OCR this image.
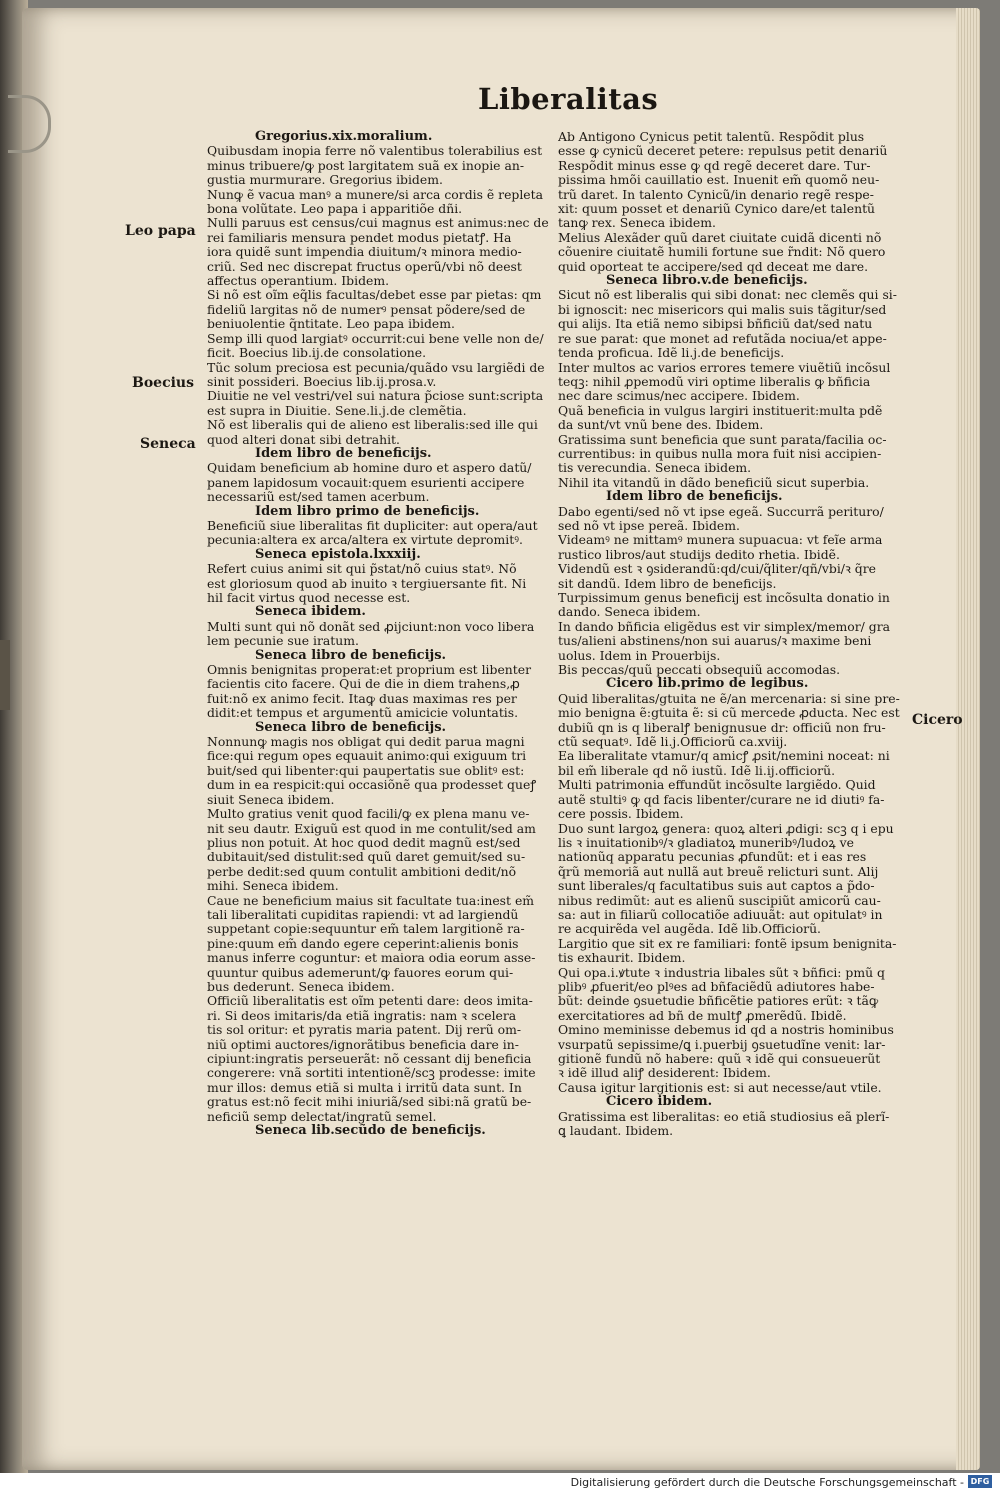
Liberalitas
Leo papa
Boecius
Seneca
Cicero
Gregorius.xix.moralium.
Quibusdam inopia ferre nõ valentibus tolerabilius est
minus tribuere/ꝙ post largitatem suã ex inopie an-
gustia murmurare. Gregorius ibidem.
Nunꝙ ẽ vacua manꝰ a munere/si arca cordis ẽ repleta
bona volũtate. Leo papa i apparitiõe dñi.
Nulli paruus est census/cui magnus est animus:nec de
rei familiaris mensura pendet modus pietatꝭ. Ha
iora quidẽ sunt impendia diuitum/ꝛ minora medio-
criũ. Sed nec discrepat fructus operũ/vbi nõ deest
affectus operantium. Ibidem.
Si nõ est oĩm eq̃lis facultas/debet esse par pietas: qm
fideliũ largitas nõ de numerꝰ pensat põdere/sed de
beniuolentie q̃ntitate. Leo papa ibidem.
Semp illi quod largiatꝰ occurrit:cui bene velle non de/
ficit. Boecius lib.ij.de consolatione.
Tũc solum preciosa est pecunia/quãdo vsu largiẽdi de
sinit possideri. Boecius lib.ij.prosa.v.
Diuitie ne vel vestri/vel sui natura p̃ciose sunt:scripta
est supra in Diuitie. Sene.li.j.de clemẽtia.
Nõ est liberalis qui de alieno est liberalis:sed ille qui
quod alteri donat sibi detrahit.
Idem libro de beneficijs.
Quidam beneficium ab homine duro et aspero datũ/
panem lapidosum vocauit:quem esurienti accipere
necessariũ est/sed tamen acerbum.
Idem libro primo de beneficijs.
Beneficiũ siue liberalitas fit dupliciter: aut opera/aut
pecunia:altera ex arca/altera ex virtute depromitꝰ.
Seneca epistola.lxxxiij.
Refert cuius animi sit qui p̃stat/nõ cuius statꝰ. Nõ
est gloriosum quod ab inuito ꝛ tergiuersante fit. Ni
hil facit virtus quod necesse est.
Seneca ibidem.
Multi sunt qui nõ donãt sed ꝓijciunt:non voco libera
lem pecunie sue iratum.
Seneca libro de beneficijs.
Omnis benignitas properat:et proprium est libenter
facientis cito facere. Qui de die in diem trahens,ꝓ
fuit:nõ ex animo fecit. Itaꝙ duas maximas res per
didit:et tempus et argumentũ amicicie voluntatis.
Seneca libro de beneficijs.
Nonnunꝙ magis nos obligat qui dedit parua magni
fice:qui regum opes equauit animo:qui exiguum tri
buit/sed qui libenter:qui paupertatis sue oblitꝰ est:
dum in ea respicit:qui occasiõnẽ qua prodesset queꝭ
siuit Seneca ibidem.
Multo gratius venit quod facili/ꝙ ex plena manu ve-
nit seu dautr. Exiguũ est quod in me contulit/sed am
plius non potuit. At hoc quod dedit magnũ est/sed
dubitauit/sed distulit:sed quũ daret gemuit/sed su-
perbe dedit:sed quum contulit ambitioni dedit/nõ
mihi. Seneca ibidem.
Caue ne beneficium maius sit facultate tua:inest em̃
tali liberalitati cupiditas rapiendi: vt ad largiendũ
suppetant copie:sequuntur em̃ talem largitionẽ ra-
pine:quum em̃ dando egere ceperint:alienis bonis
manus inferre coguntur: et maiora odia eorum asse-
quuntur quibus ademerunt/ꝙ fauores eorum qui-
bus dederunt. Seneca ibidem.
Officiũ liberalitatis est oĩm petenti dare: deos imita-
ri. Si deos imitaris/da etiã ingratis: nam ꝛ scelera
tis sol oritur: et pyratis maria patent. Dij rerũ om-
niũ optimi auctores/ignorãtibus beneficia dare in-
cipiunt:ingratis perseuerãt: nõ cessant dij beneficia
congerere: vnã sortiti intentionẽ/scꝫ prodesse: imite
mur illos: demus etiã si multa i irritũ data sunt. In
gratus est:nõ fecit mihi iniuriã/sed sibi:nã gratũ be-
neficiũ semp delectat/ingratũ semel.
Seneca lib.secũdo de beneficijs.
Ab Antigono Cynicus petit talentũ. Respõdit plus
esse ꝙ cynicũ deceret petere: repulsus petit denariũ
Respõdit minus esse ꝙ qd regẽ deceret dare. Tur-
pissima hmõi cauillatio est. Inuenit em̃ quomõ neu-
trũ daret. In talento Cynicũ/in denario regẽ respe-
xit: quum posset et denariũ Cynico dare/et talentũ
tanꝙ rex. Seneca ibidem.
Melius Alexãder quũ daret ciuitate cuidã dicenti nõ
cõuenire ciuitatẽ humili fortune sue r̃ndit: Nõ quero
quid oporteat te accipere/sed qd deceat me dare.
Seneca libro.v.de beneficijs.
Sicut nõ est liberalis qui sibi donat: nec clemẽs qui si-
bi ignoscit: nec misericors qui malis suis tãgitur/sed
qui alijs. Ita etiã nemo sibipsi bñficiũ dat/sed natu
re sue parat: que monet ad refutãda nociua/et appe-
tenda proficua. Idẽ li.j.de beneficijs.
Inter multos ac varios errores temere viuẽtiũ incõsul
teqꝫ: nihil ꝓpemodũ viri optime liberalis ꝙ bñficia
nec dare scimus/nec accipere. Ibidem.
Quã beneficia in vulgus largiri instituerit:multa pdẽ
da sunt/vt vnũ bene des. Ibidem.
Gratissima sunt beneficia que sunt parata/facilia oc-
currentibus: in quibus nulla mora fuit nisi accipien-
tis verecundia. Seneca ibidem.
Nihil ita vitandũ in dãdo beneficiũ sicut superbia.
Idem libro de beneficijs.
Dabo egenti/sed nõ vt ipse egeã. Succurrã perituro/
sed nõ vt ipse pereã. Ibidem.
Videamꝰ ne mittamꝰ munera supuacua: vt feĩe arma
rustico libros/aut studijs dedito rhetia. Ibidẽ.
Videndũ est ꝛ ꝯsiderandũ:qd/cui/q̃liter/qñ/vbi/ꝛ q̃re
sit dandũ. Idem libro de beneficijs.
Turpissimum genus beneficij est incõsulta donatio in
dando. Seneca ibidem.
In dando bñficia eligẽdus est vir simplex/memor/ gra
tus/alieni abstinens/non sui auarus/ꝛ maxime beni
uolus. Idem in Prouerbijs.
Bis peccas/quũ peccati obsequiũ accomodas.
Cicero lib.primo de legibus.
Quid liberalitas/gtuita ne ẽ/an mercenaria: si sine pre-
mio benigna ẽ:gtuita ẽ: si cũ mercede ꝓducta. Nec est
dubiũ qn is q liberalꝭ benignusue dr: officiũ non fru-
ctũ sequatꝰ. Idẽ li.j.Officiorũ ca.xviij.
Ea liberalitate vtamur/q amicꝭ ꝓsit/nemini noceat: ni
bil em̃ liberale qd nõ iustũ. Idẽ li.ij.officiorũ.
Multi patrimonia effundũt incõsulte largiẽdo. Quid
autẽ stultiꝰ ꝙ qd facis libenter/curare ne id diutiꝰ fa-
cere possis. Ibidem.
Duo sunt largoꝝ genera: quoꝝ alteri ꝓdigi: scꝫ q i epu
lis ꝛ inuitationibꝰ/ꝛ gladiatoꝝ muneribꝰ/ludoꝝ ve
nationũq apparatu pecunias ꝓfundũt: et i eas res
q̃rũ memoriã aut nullã aut breuẽ relicturi sunt. Alij
sunt liberales/q facultatibus suis aut captos a p̃do-
nibus redimũt: aut es alienũ suscipiũt amicorũ cau-
sa: aut in filiarũ collocatiõe adiuuãt: aut opitulatꝰ in
re acquirẽda vel augẽda. Idẽ lib.Officiorũ.
Largitio que sit ex re familiari: fontẽ ipsum benignita-
tis exhaurit. Ibidem.
Qui opa.i.ꝟtute ꝛ industria libales sũt ꝛ bñfici: pmũ q
plibꝰ ꝓfuerit/eo plꝰes ad bñfaciẽdũ adiutores habe-
bũt: deinde ꝯsuetudie bñficẽtie patiores erũt: ꝛ tãꝙ
exercitatiores ad bñ de multꝭ ꝓmerẽdũ. Ibidẽ.
Omino meminisse debemus id qd a nostris hominibus
vsurpatũ sepissime/ꝗ i.puerbij ꝯsuetudĩne venit: lar-
gitionẽ fundũ nõ habere: quũ ꝛ idẽ qui consueuerũt
ꝛ idẽ illud aliꝭ desiderent: Ibidem.
Causa igitur largitionis est: si aut necesse/aut vtile.
Cicero ibidem.
Gratissima est liberalitas: eo etiã studiosius eã plerĩ-
ꝗ laudant. Ibidem.
Digitalisierung gefördert durch die Deutsche Forschungsgemeinschaft - DFG
